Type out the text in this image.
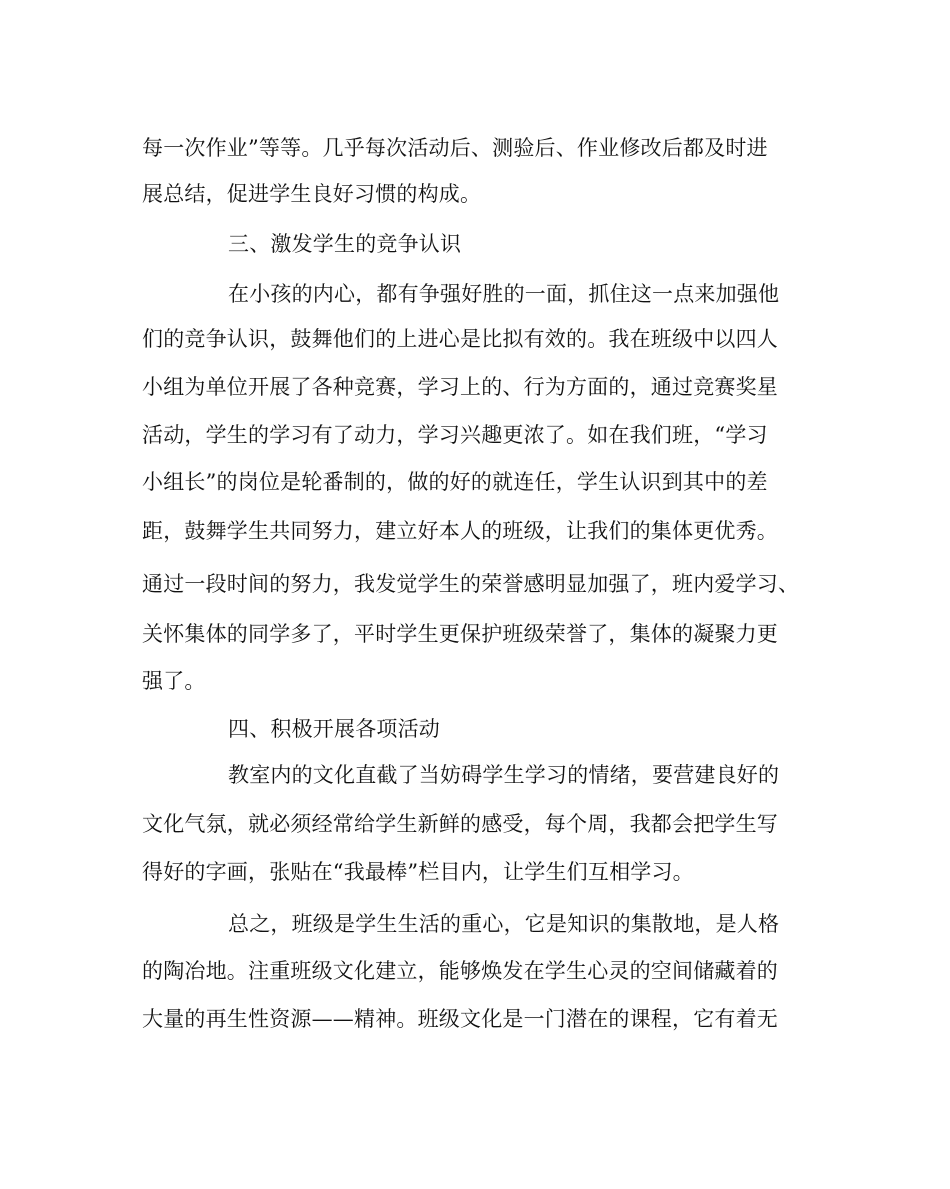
每一次作业”等等。几乎每次活动后、测验后、作业修改后都及时进
展总结，促进学生良好习惯的构成。
三、激发学生的竞争认识
在小孩的内心，都有争强好胜的一面，抓住这一点来加强他
们的竞争认识，鼓舞他们的上进心是比拟有效的。我在班级中以四人
小组为单位开展了各种竞赛，学习上的、行为方面的，通过竞赛奖星
活动，学生的学习有了动力，学习兴趣更浓了。如在我们班，“学习
小组长”的岗位是轮番制的，做的好的就连任，学生认识到其中的差
距，鼓舞学生共同努力，建立好本人的班级，让我们的集体更优秀。
通过一段时间的努力，我发觉学生的荣誉感明显加强了，班内爱学习、
关怀集体的同学多了，平时学生更保护班级荣誉了，集体的凝聚力更
强了。
四、积极开展各项活动
教室内的文化直截了当妨碍学生学习的情绪，要营建良好的
文化气氛，就必须经常给学生新鲜的感受，每个周，我都会把学生写
得好的字画，张贴在“我最棒”栏目内，让学生们互相学习。
总之，班级是学生生活的重心，它是知识的集散地，是人格
的陶冶地。注重班级文化建立，能够焕发在学生心灵的空间储藏着的
大量的再生性资源——精神。班级文化是一门潜在的课程，它有着无
